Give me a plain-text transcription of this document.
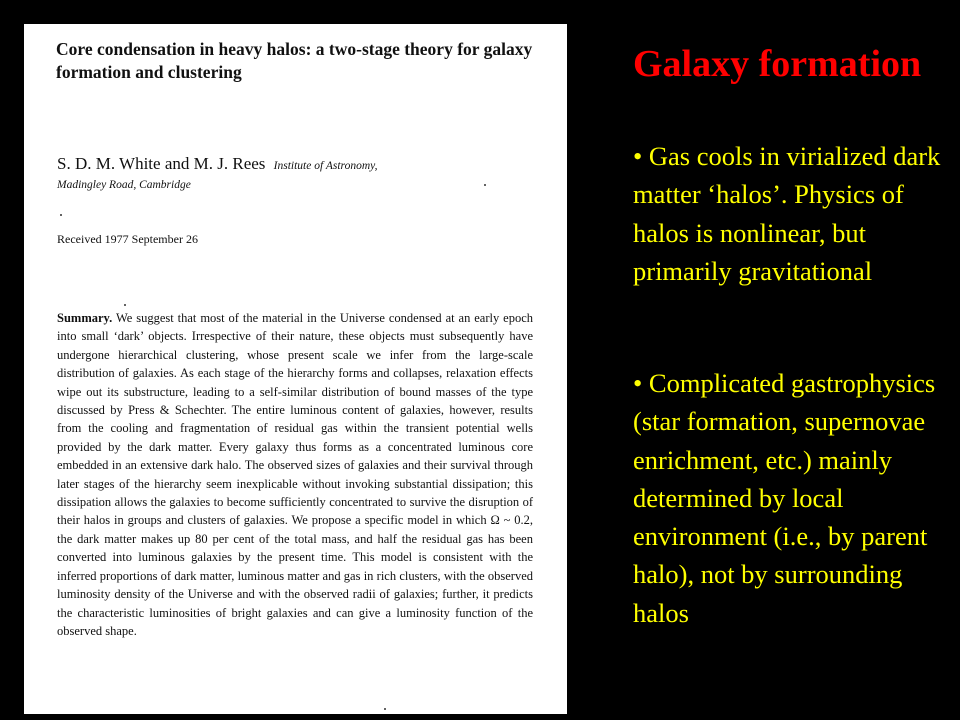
Core condensation in heavy halos: a two-stage theory for galaxy formation and clustering
S. D. M. White and M. J. Rees Institute of Astronomy,
Madingley Road, Cambridge
Received 1977 September 26

Summary. We suggest that most of the material in the Universe condensed at an early epoch into small ‘dark’ objects. Irrespective of their nature, these objects must subsequently have undergone hierarchical clustering, whose present scale we infer from the large-scale distribution of galaxies. As each stage of the hierarchy forms and collapses, relaxation effects wipe out its substructure, leading to a self-similar distribution of bound masses of the type discussed by Press & Schechter. The entire luminous content of galaxies, however, results from the cooling and fragmentation of residual gas within the transient potential wells provided by the dark matter. Every galaxy thus forms as a concentrated luminous core embedded in an extensive dark halo. The observed sizes of galaxies and their survival through later stages of the hierarchy seem inexplicable without invoking substantial dissipation; this dissipation allows the galaxies to become sufficiently concentrated to survive the disruption of their halos in groups and clusters of galaxies. We propose a specific model in which Ω ~ 0.2, the dark matter makes up 80 per cent of the total mass, and half the residual gas has been converted into luminous galaxies by the present time. This model is consistent with the inferred proportions of dark matter, luminous matter and gas in rich clusters, with the observed luminosity density of the Universe and with the observed radii of galaxies; further, it predicts the characteristic luminosities of bright galaxies and can give a luminosity function of the observed shape.

Galaxy formation

• Gas cools in virialized dark matter ‘halos’. Physics of halos is nonlinear, but primarily gravitational

• Complicated gastrophysics (star formation, supernovae enrichment, etc.) mainly determined by local environment (i.e., by parent halo), not by surrounding halos
